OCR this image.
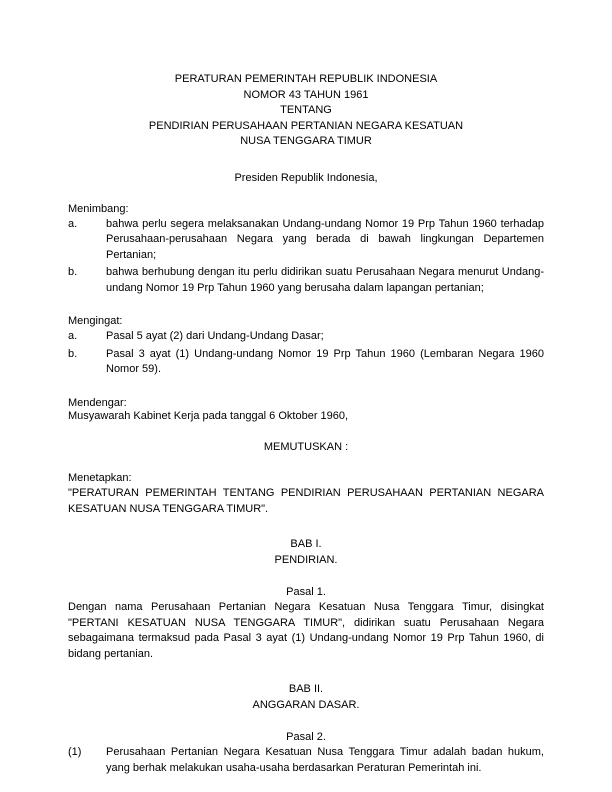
PERATURAN PEMERINTAH REPUBLIK INDONESIA
NOMOR 43 TAHUN 1961
TENTANG
PENDIRIAN PERUSAHAAN PERTANIAN NEGARA KESATUAN
NUSA TENGGARA TIMUR
Presiden Republik Indonesia,
Menimbang:
a.	bahwa perlu segera melaksanakan Undang-undang Nomor 19 Prp Tahun 1960 terhadap Perusahaan-perusahaan Negara yang berada di bawah lingkungan Departemen Pertanian;
b.	bahwa berhubung dengan itu perlu didirikan suatu Perusahaan Negara menurut Undang-undang Nomor 19 Prp Tahun 1960 yang berusaha dalam lapangan pertanian;
Mengingat:
a.	Pasal 5 ayat (2) dari Undang-Undang Dasar;
b.	Pasal 3 ayat (1) Undang-undang Nomor 19 Prp Tahun 1960 (Lembaran Negara 1960 Nomor 59).
Mendengar:
Musyawarah Kabinet Kerja pada tanggal 6 Oktober 1960,
MEMUTUSKAN :
Menetapkan:
"PERATURAN PEMERINTAH TENTANG PENDIRIAN PERUSAHAAN PERTANIAN NEGARA KESATUAN NUSA TENGGARA TIMUR".
BAB I.
PENDIRIAN.
Pasal 1.
Dengan nama Perusahaan Pertanian Negara Kesatuan Nusa Tenggara Timur, disingkat "PERTANI KESATUAN NUSA TENGGARA TIMUR", didirikan suatu Perusahaan Negara sebagaimana termaksud pada Pasal 3 ayat (1) Undang-undang Nomor 19 Prp Tahun 1960, di bidang pertanian.
BAB II.
ANGGARAN DASAR.
Pasal 2.
(1)	Perusahaan Pertanian Negara Kesatuan Nusa Tenggara Timur adalah badan hukum, yang berhak melakukan usaha-usaha berdasarkan Peraturan Pemerintah ini.
